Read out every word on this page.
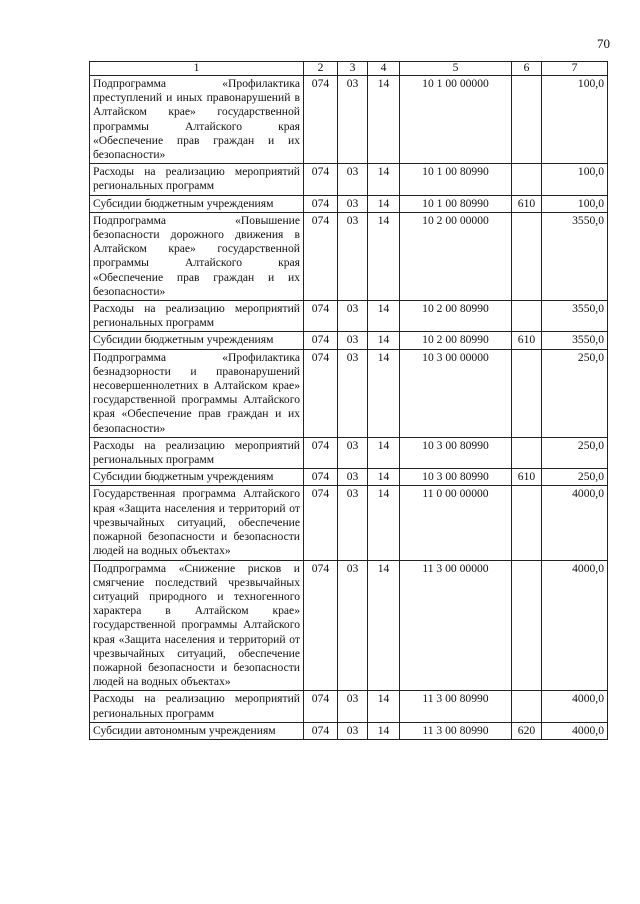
70
1	2	3	4	5	6	7
Подпрограмма «Профилактика преступлений и иных правонарушений в Алтайском крае» государственной программы Алтайского края «Обеспечение прав граждан и их безопасности»	074	03	14	10 1 00 00000		100,0
Расходы на реализацию мероприятий региональных программ	074	03	14	10 1 00 80990		100,0
Субсидии бюджетным учреждениям	074	03	14	10 1 00 80990	610	100,0
Подпрограмма «Повышение безопасности дорожного движения в Алтайском крае» государственной программы Алтайского края «Обеспечение прав граждан и их безопасности»	074	03	14	10 2 00 00000		3550,0
Расходы на реализацию мероприятий региональных программ	074	03	14	10 2 00 80990		3550,0
Субсидии бюджетным учреждениям	074	03	14	10 2 00 80990	610	3550,0
Подпрограмма «Профилактика безнадзорности и правонарушений несовершеннолетних в Алтайском крае» государственной программы Алтайского края «Обеспечение прав граждан и их безопасности»	074	03	14	10 3 00 00000		250,0
Расходы на реализацию мероприятий региональных программ	074	03	14	10 3 00 80990		250,0
Субсидии бюджетным учреждениям	074	03	14	10 3 00 80990	610	250,0
Государственная программа Алтайского края «Защита населения и территорий от чрезвычайных ситуаций, обеспечение пожарной безопасности и безопасности людей на водных объектах»	074	03	14	11 0 00 00000		4000,0
Подпрограмма «Снижение рисков и смягчение последствий чрезвычайных ситуаций природного и техногенного характера в Алтайском крае» государственной программы Алтайского края «Защита населения и территорий от чрезвычайных ситуаций, обеспечение пожарной безопасности и безопасности людей на водных объектах»	074	03	14	11 3 00 00000		4000,0
Расходы на реализацию мероприятий региональных программ	074	03	14	11 3 00 80990		4000,0
Субсидии автономным учреждениям	074	03	14	11 3 00 80990	620	4000,0
